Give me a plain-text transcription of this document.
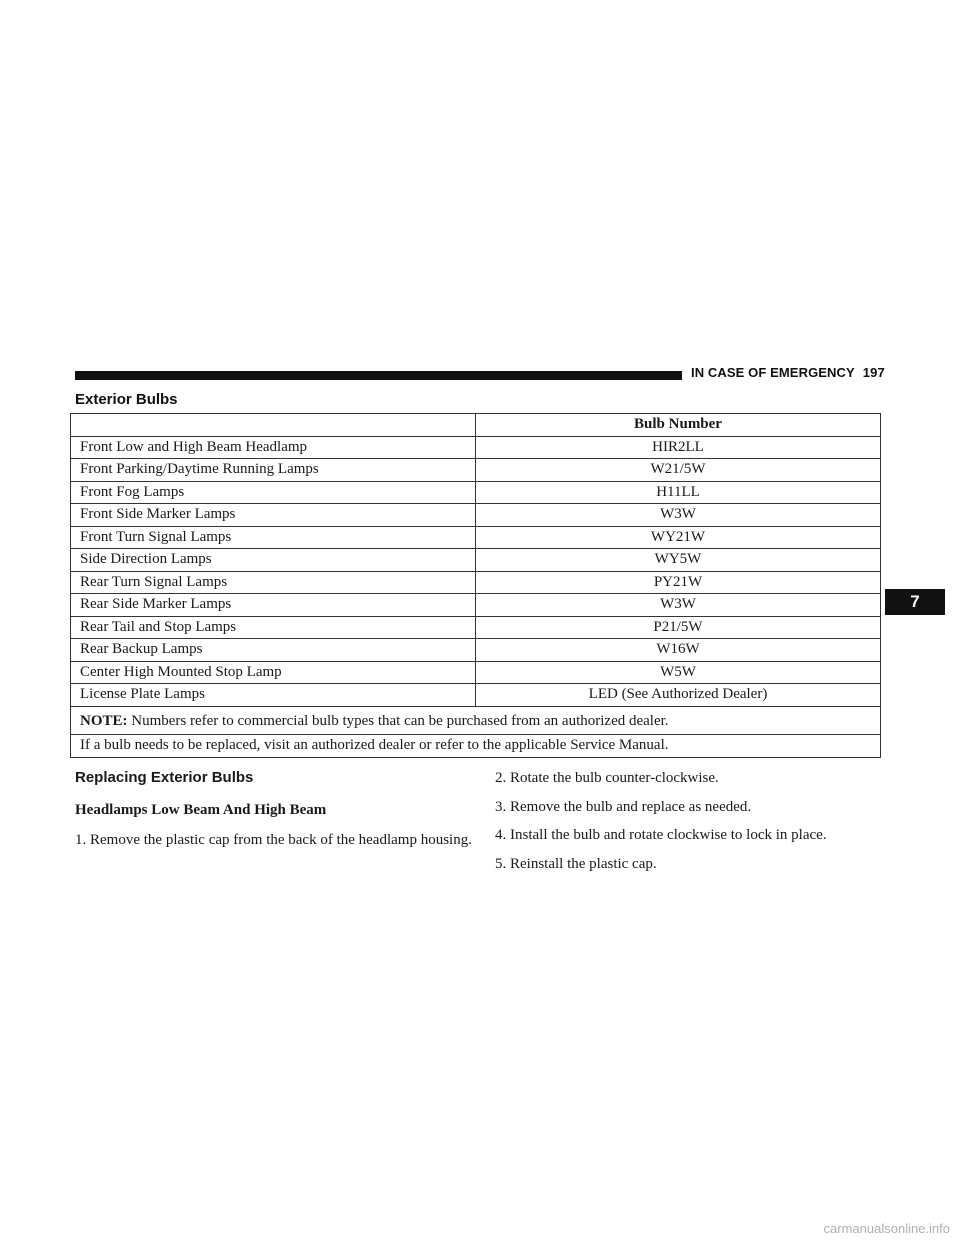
IN CASE OF EMERGENCY 197
Exterior Bulbs
	Bulb Number
Front Low and High Beam Headlamp	HIR2LL
Front Parking/Daytime Running Lamps	W21/5W
Front Fog Lamps	H11LL
Front Side Marker Lamps	W3W
Front Turn Signal Lamps	WY21W
Side Direction Lamps	WY5W
Rear Turn Signal Lamps	PY21W
Rear Side Marker Lamps	W3W
Rear Tail and Stop Lamps	P21/5W
Rear Backup Lamps	W16W
Center High Mounted Stop Lamp	W5W
License Plate Lamps	LED (See Authorized Dealer)
NOTE: Numbers refer to commercial bulb types that can be purchased from an authorized dealer.	
If a bulb needs to be replaced, visit an authorized dealer or refer to the applicable Service Manual.	
Replacing Exterior Bulbs
Headlamps Low Beam And High Beam
1. Remove the plastic cap from the back of the headlamp housing.
2. Rotate the bulb counter-clockwise.
3. Remove the bulb and replace as needed.
4. Install the bulb and rotate clockwise to lock in place.
5. Reinstall the plastic cap.
7
carmanualsonline.info
